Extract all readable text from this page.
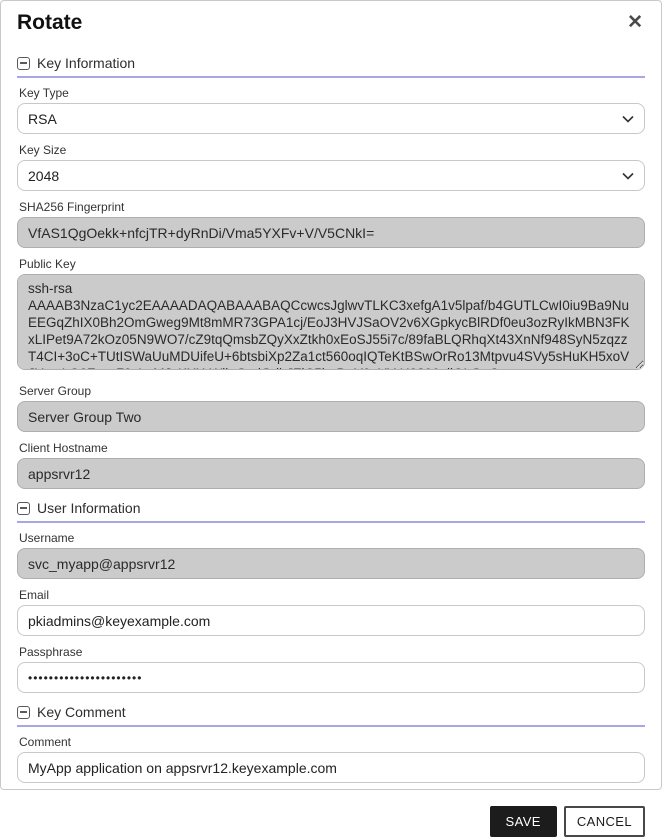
Rotate	✕
Key Information
Key Type
RSA
Key Size
2048
SHA256 Fingerprint
VfAS1QgOekk+nfcjTR+dyRnDi/Vma5YXFv+V/V5CNkI=
Public Key
ssh-rsa AAAAB3NzaC1yc2EAAAADAQABAAABAQCcwcsJglwvTLKC3xefgA1v5lpaf/b4GUTLCwI0iu9Ba9NuEEGqZhIX0Bh2OmGweg9Mt8mMR73GPA1cj/EoJ3HVJSaOV2v6XGpkycBlRDf0eu3ozRyIkMBN3FKxLIPet9A72kOz05N9WO7/cZ9tqQmsbZQyXxZtkh0xEoSJ55i7c/89faBLQRhqXt43XnNf948SyN5zqzzT4CI+3oC+TUtISWaUuMDUifeU+6btsbiXp2Za1ct560oqIQTeKtBSwOrRo13Mtpvu4SVy5sHuKH5xoVJYymLO9Zccp79zLoMJzKXXrWii+GydGdbJZiC5hpDuY9eYYtU0296oilOLGaCt
Server Group
Server Group Two
Client Hostname
appsrvr12
User Information
Username
svc_myapp@appsrvr12
Email
pkiadmins@keyexample.com
Passphrase
••••••••••••••••••••••
Key Comment
Comment
MyApp application on appsrvr12.keyexample.com
SAVE	CANCEL
